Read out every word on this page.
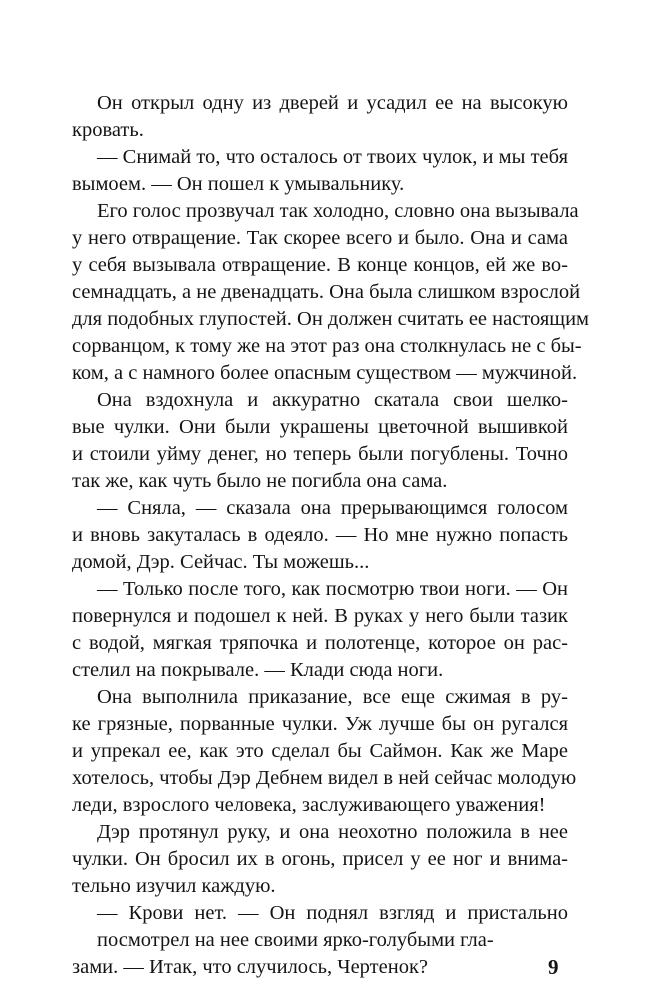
Он открыл одну из дверей и усадил ее на высокую
кровать.
— Снимай то, что осталось от твоих чулок, и мы тебя
вымоем. — Он пошел к умывальнику.
Его голос прозвучал так холодно, словно она вызывала
у него отвращение. Так скорее всего и было. Она и сама
у себя вызывала отвращение. В конце концов, ей же во-
семнадцать, а не двенадцать. Она была слишком взрослой
для подобных глупостей. Он должен считать ее настоящим
сорванцом, к тому же на этот раз она столкнулась не с бы-
ком, а с намного более опасным существом — мужчиной.
Она вздохнула и аккуратно скатала свои шелко-
вые чулки. Они были украшены цветочной вышивкой
и стоили уйму денег, но теперь были погублены. Точно
так же, как чуть было не погибла она сама.
— Сняла, — сказала она прерывающимся голосом
и вновь закуталась в одеяло. — Но мне нужно попасть
домой, Дэр. Сейчас. Ты можешь...
— Только после того, как посмотрю твои ноги. — Он
повернулся и подошел к ней. В руках у него были тазик
с водой, мягкая тряпочка и полотенце, которое он рас-
стелил на покрывале. — Клади сюда ноги.
Она выполнила приказание, все еще сжимая в ру-
ке грязные, порванные чулки. Уж лучше бы он ругался
и упрекал ее, как это сделал бы Саймон. Как же Маре
хотелось, чтобы Дэр Дебнем видел в ней сейчас молодую
леди, взрослого человека, заслуживающего уважения!
Дэр протянул руку, и она неохотно положила в нее
чулки. Он бросил их в огонь, присел у ее ног и внима-
тельно изучил каждую.
— Крови нет. — Он поднял взгляд и пристально
посмотрел на нее своими ярко-голубыми гла-
зами. — Итак, что случилось, Чертенок?	9
